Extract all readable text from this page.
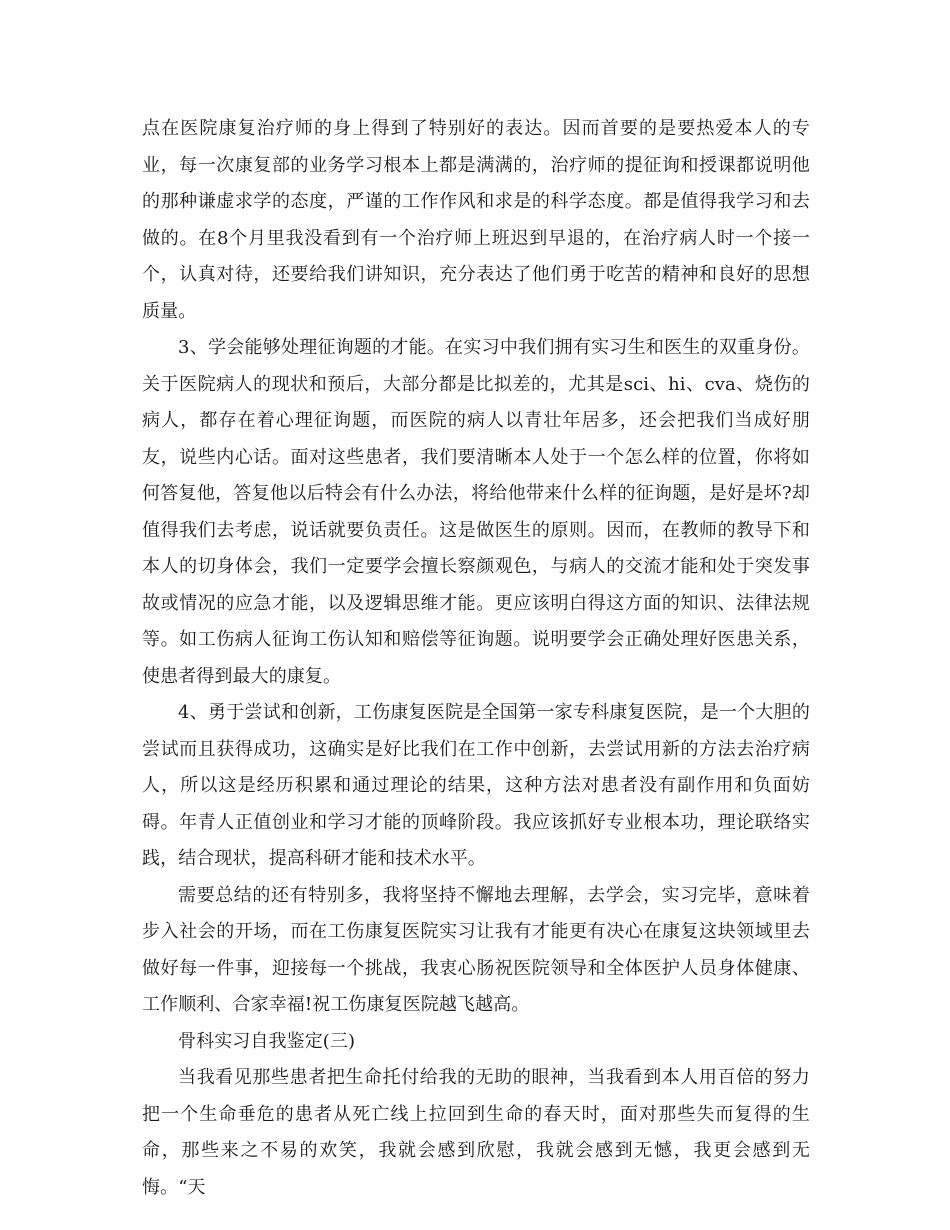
点在医院康复治疗师的身上得到了特别好的表达。因而首要的是要热爱本人的专业，每一次康复部的业务学习根本上都是满满的，治疗师的提征询和授课都说明他的那种谦虚求学的态度，严谨的工作作风和求是的科学态度。都是值得我学习和去做的。在8个月里我没看到有一个治疗师上班迟到早退的，在治疗病人时一个接一个，认真对待，还要给我们讲知识，充分表达了他们勇于吃苦的精神和良好的思想质量。

3、学会能够处理征询题的才能。在实习中我们拥有实习生和医生的双重身份。关于医院病人的现状和预后，大部分都是比拟差的，尤其是sci、hi、cva、烧伤的病人，都存在着心理征询题，而医院的病人以青壮年居多，还会把我们当成好朋友，说些内心话。面对这些患者，我们要清晰本人处于一个怎么样的位置，你将如何答复他，答复他以后特会有什么办法，将给他带来什么样的征询题，是好是坏?却值得我们去考虑，说话就要负责任。这是做医生的原则。因而，在教师的教导下和本人的切身体会，我们一定要学会擅长察颜观色，与病人的交流才能和处于突发事故或情况的应急才能，以及逻辑思维才能。更应该明白得这方面的知识、法律法规等。如工伤病人征询工伤认知和赔偿等征询题。说明要学会正确处理好医患关系，使患者得到最大的康复。

4、勇于尝试和创新，工伤康复医院是全国第一家专科康复医院，是一个大胆的尝试而且获得成功，这确实是好比我们在工作中创新，去尝试用新的方法去治疗病人，所以这是经历积累和通过理论的结果，这种方法对患者没有副作用和负面妨碍。年青人正值创业和学习才能的顶峰阶段。我应该抓好专业根本功，理论联络实践，结合现状，提高科研才能和技术水平。

需要总结的还有特别多，我将坚持不懈地去理解，去学会，实习完毕，意味着步入社会的开场，而在工伤康复医院实习让我有才能更有决心在康复这块领域里去做好每一件事，迎接每一个挑战，我衷心肠祝医院领导和全体医护人员身体健康、工作顺利、合家幸福!祝工伤康复医院越飞越高。

骨科实习自我鉴定(三)

当我看见那些患者把生命托付给我的无助的眼神，当我看到本人用百倍的努力把一个生命垂危的患者从死亡线上拉回到生命的春天时，面对那些失而复得的生命，那些来之不易的欢笑，我就会感到欣慰，我就会感到无憾，我更会感到无悔。“天
